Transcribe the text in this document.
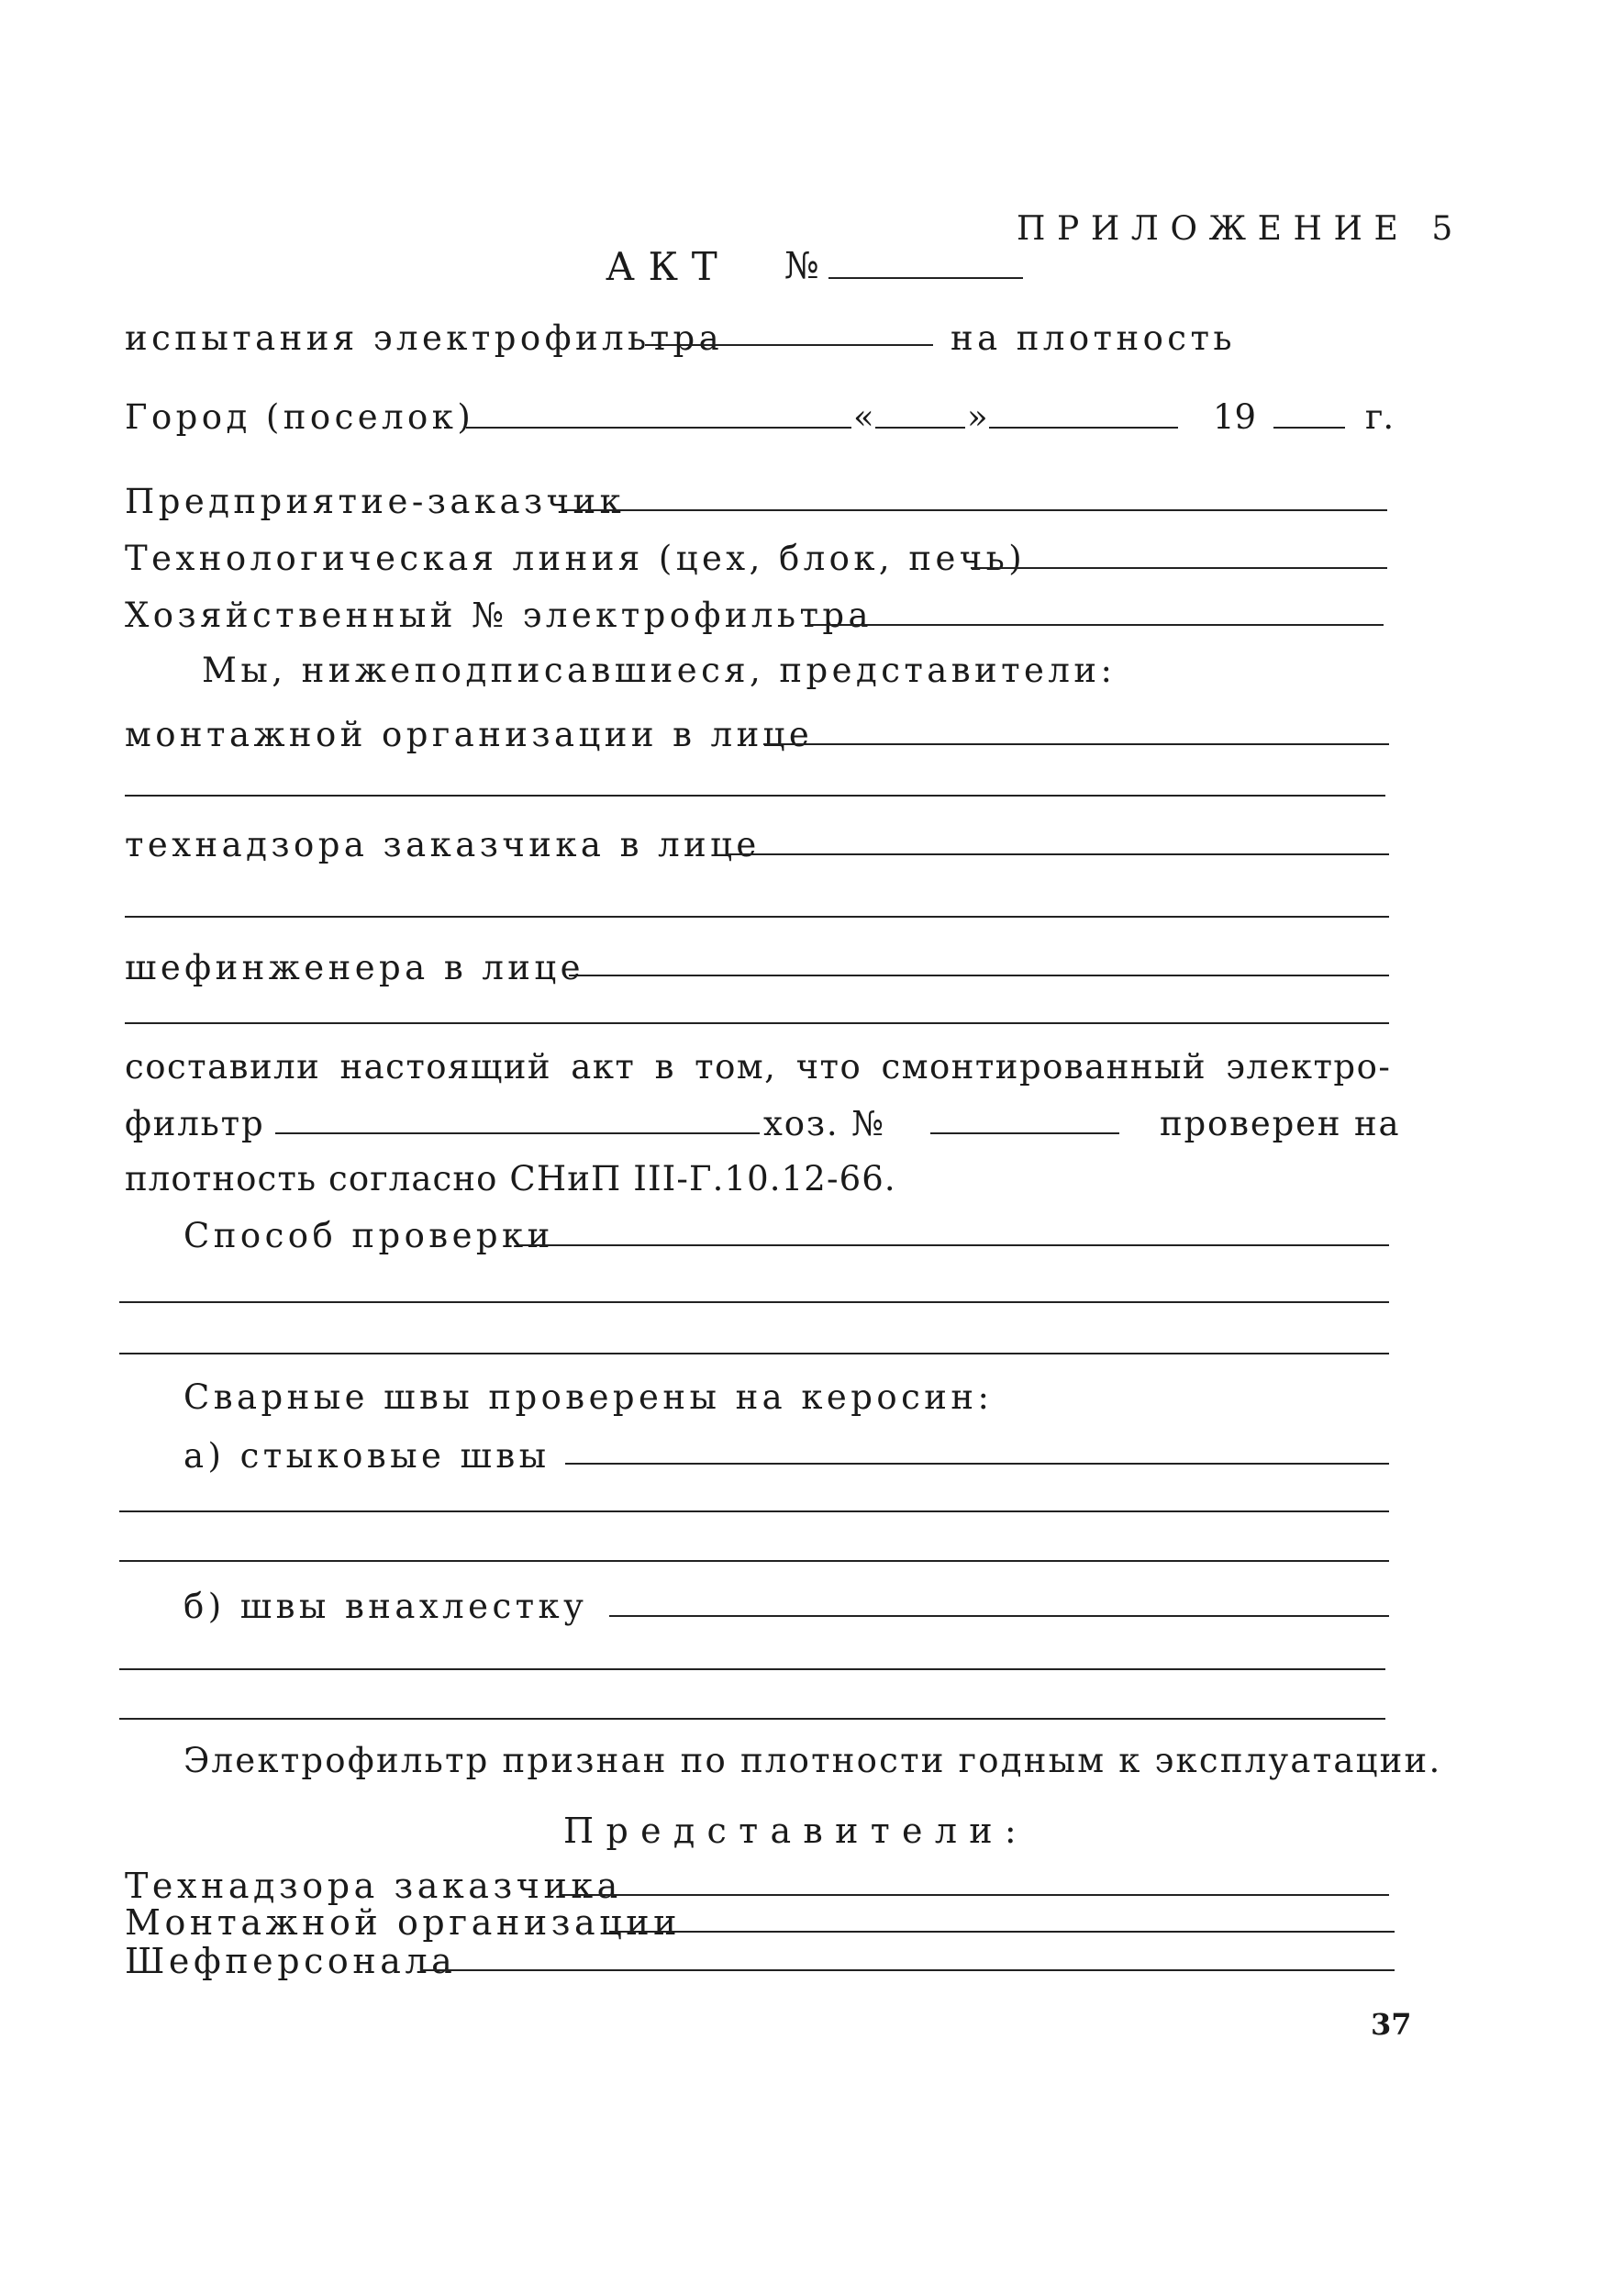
ПРИЛОЖЕНИЕ 5
АКТ №
испытания электрофильтра	на плотность
Город (поселок)	«	»	19	г.
Предприятие-заказчик
Технологическая линия (цех, блок, печь)
Хозяйственный № электрофильтра
Мы, нижеподписавшиеся, представители:
монтажной организации в лице
технадзора заказчика в лице
шефинженера в лице
составили настоящий акт в том, что смонтированный электро-
фильтр	хоз. №	проверен на
плотность согласно СНиП III-Г.10.12-66.
Способ проверки
Сварные швы проверены на керосин:
а) стыковые швы
б) швы внахлестку
Электрофильтр признан по плотности годным к эксплуатации.
Представители:
Технадзора заказчика
Монтажной организации
Шефперсонала
37
